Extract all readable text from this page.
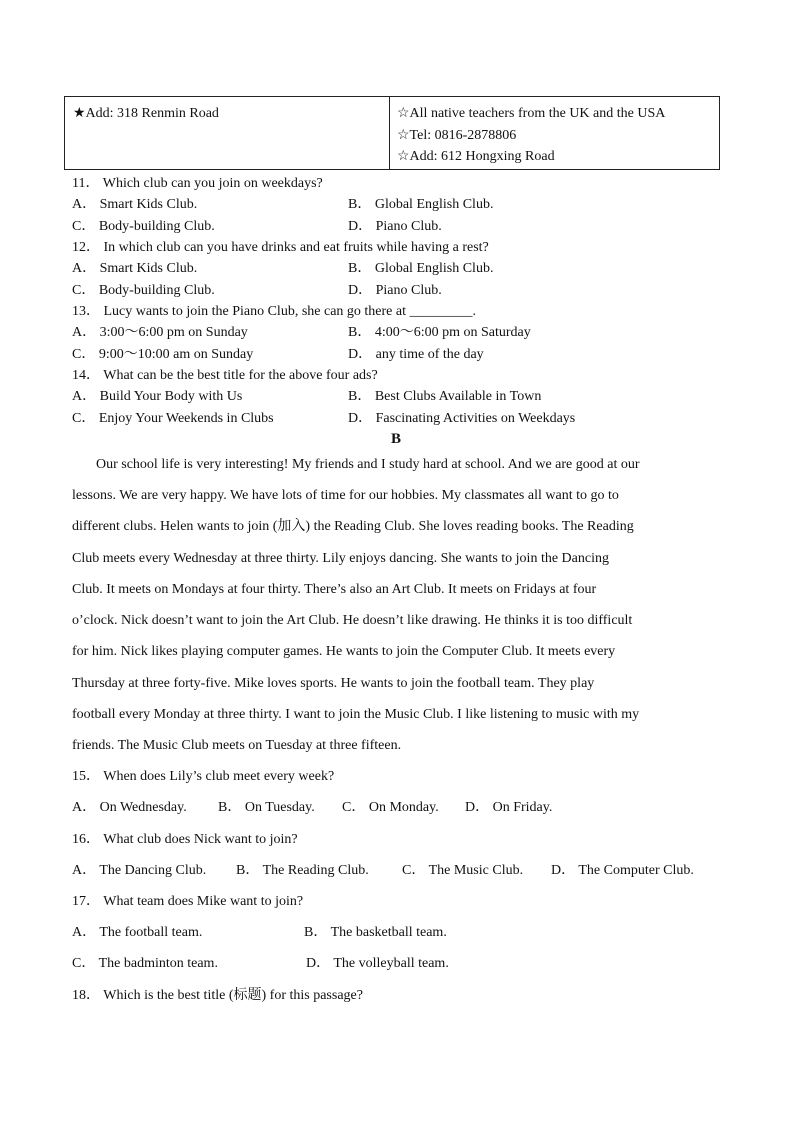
★Add: 318 Renmin Road	☆All native teachers from the UK and the USA
☆Tel: 0816-2878806
☆Add: 612 Hongxing Road
11． Which club can you join on weekdays?
A． Smart Kids Club.	B． Global English Club.
C． Body-building Club.	D． Piano Club.
12． In which club can you have drinks and eat fruits while having a rest?
A． Smart Kids Club.	B． Global English Club.
C． Body-building Club.	D． Piano Club.
13． Lucy wants to join the Piano Club, she can go there at _________.
A． 3:00～6:00 pm on Sunday	B． 4:00～6:00 pm on Saturday
C． 9:00～10:00 am on Sunday	D． any time of the day
14． What can be the best title for the above four ads?
A． Build Your Body with Us	B． Best Clubs Available in Town
C． Enjoy Your Weekends in Clubs	D． Fascinating Activities on Weekdays
B
Our school life is very interesting! My friends and I study hard at school. And we are good at our
lessons. We are very happy. We have lots of time for our hobbies. My classmates all want to go to
different clubs. Helen wants to join (加入) the Reading Club. She loves reading books. The Reading
Club meets every Wednesday at three thirty. Lily enjoys dancing. She wants to join the Dancing
Club. It meets on Mondays at four thirty. There’s also an Art Club. It meets on Fridays at four
o’clock. Nick doesn’t want to join the Art Club. He doesn’t like drawing. He thinks it is too difficult
for him. Nick likes playing computer games. He wants to join the Computer Club. It meets every
Thursday at three forty-five. Mike loves sports. He wants to join the football team. They play
football every Monday at three thirty. I want to join the Music Club. I like listening to music with my
friends. The Music Club meets on Tuesday at three fifteen.
15． When does Lily’s club meet every week?
A． On Wednesday. B． On Tuesday. C． On Monday. D． On Friday.
16． What club does Nick want to join?
A． The Dancing Club. B． The Reading Club. C． The Music Club. D． The Computer Club.
17． What team does Mike want to join?
A． The football team.	B． The basketball team.
C． The badminton team.	D． The volleyball team.
18． Which is the best title (标题) for this passage?
